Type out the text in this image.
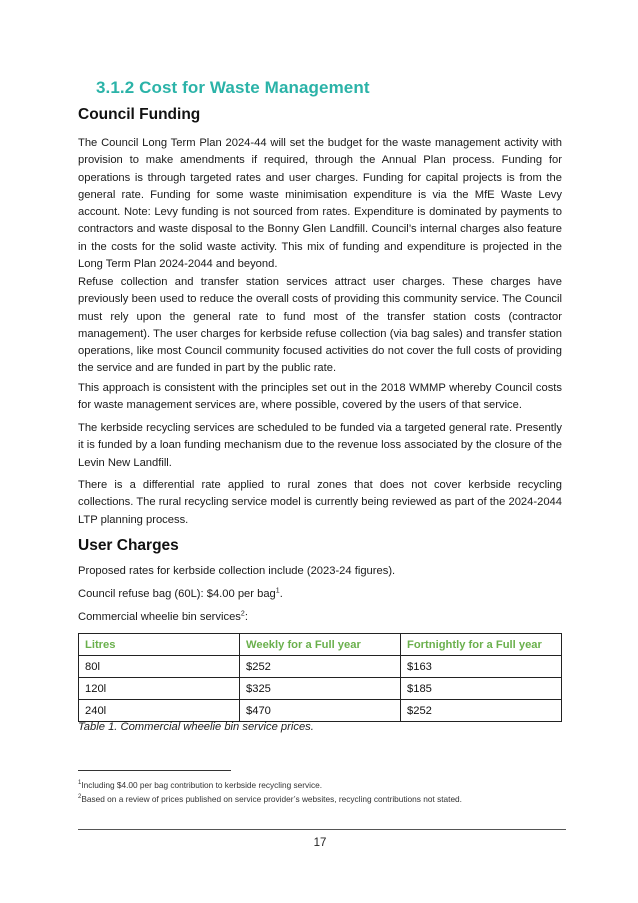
3.1.2 Cost for Waste Management
Council Funding

The Council Long Term Plan 2024-44 will set the budget for the waste management activity with provision to make amendments if required, through the Annual Plan process. Funding for operations is through targeted rates and user charges. Funding for capital projects is from the general rate. Funding for some waste minimisation expenditure is via the MfE Waste Levy account. Note: Levy funding is not sourced from rates. Expenditure is dominated by payments to contractors and waste disposal to the Bonny Glen Landfill. Council’s internal charges also feature in the costs for the solid waste activity. This mix of funding and expenditure is projected in the Long Term Plan 2024-2044 and beyond.

Refuse collection and transfer station services attract user charges. These charges have previously been used to reduce the overall costs of providing this community service. The Council must rely upon the general rate to fund most of the transfer station costs (contractor management). The user charges for kerbside refuse collection (via bag sales) and transfer station operations, like most Council community focused activities do not cover the full costs of providing the service and are funded in part by the public rate.

This approach is consistent with the principles set out in the 2018 WMMP whereby Council costs for waste management services are, where possible, covered by the users of that service.

The kerbside recycling services are scheduled to be funded via a targeted general rate. Presently it is funded by a loan funding mechanism due to the revenue loss associated by the closure of the Levin New Landfill.

There is a differential rate applied to rural zones that does not cover kerbside recycling collections. The rural recycling service model is currently being reviewed as part of the 2024-2044 LTP planning process.

User Charges

Proposed rates for kerbside collection include (2023-24 figures).

Council refuse bag (60L): $4.00 per bag$^1$.

Commercial wheelie bin services$^2$:

Litres	Weekly for a Full year	Fortnightly for a Full year
80l	$252	$163
120l	$325	$185
240l	$470	$252

Table 1. Commercial wheelie bin service prices.

$^1$Including $4.00 per bag contribution to kerbside recycling service.

$^2$Based on a review of prices published on service provider’s websites, recycling contributions not stated.

17
